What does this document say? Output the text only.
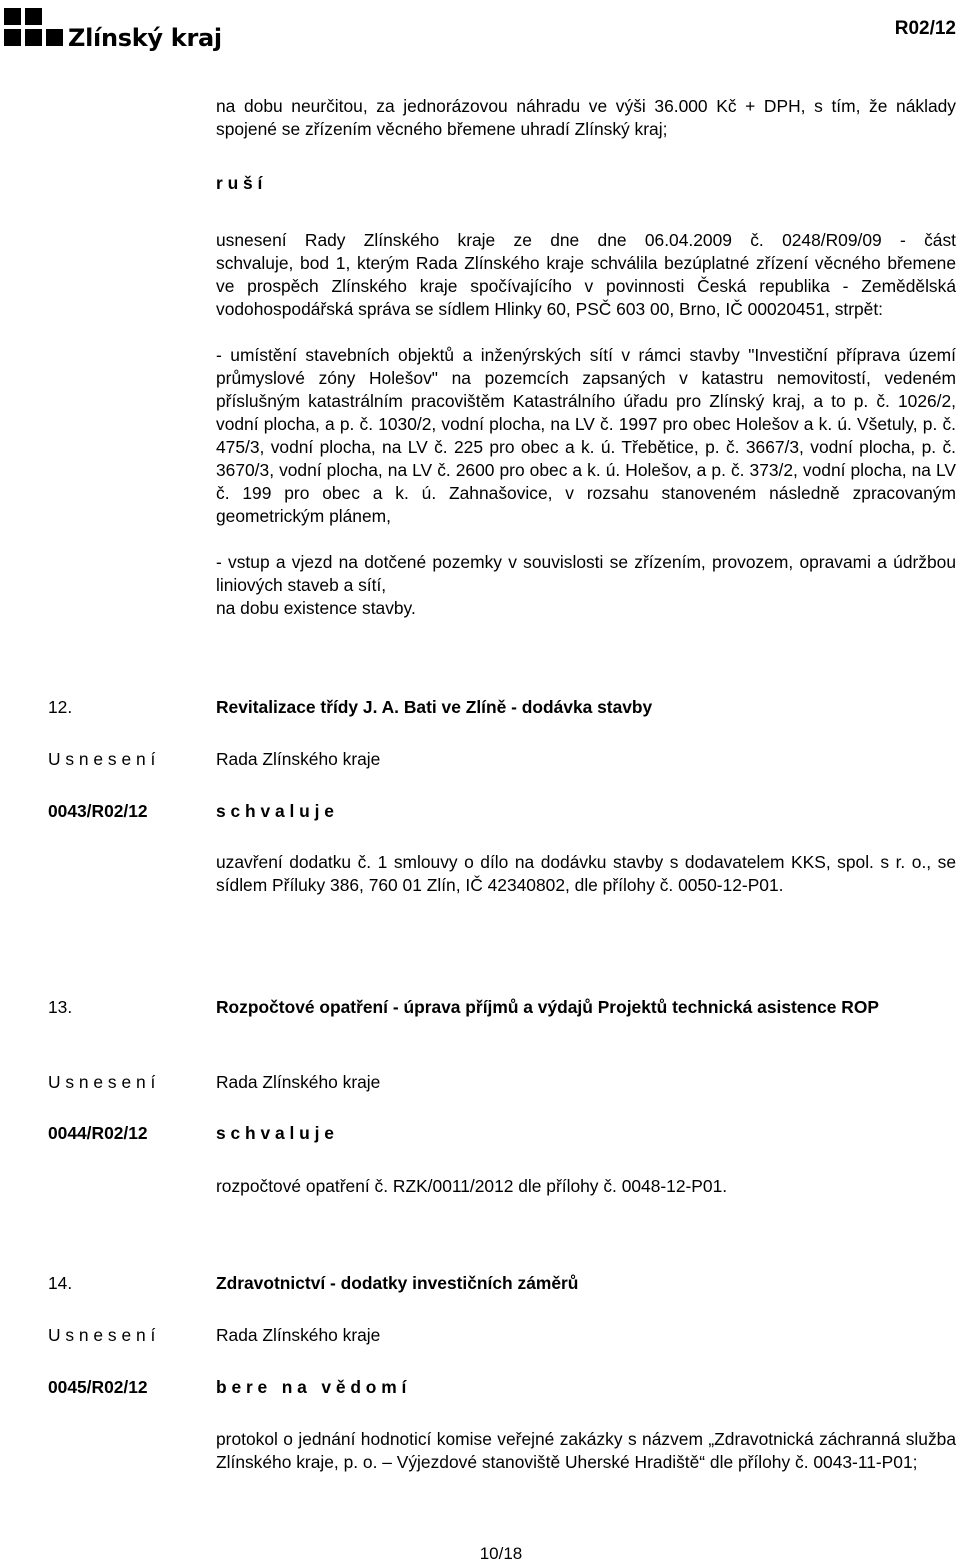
Zlínský kraj	R02/12
na dobu neurčitou, za jednorázovou náhradu ve výši 36.000 Kč + DPH, s tím, že náklady spojené se zřízením věcného břemene uhradí Zlínský kraj;
r u š í
usnesení Rady Zlínského kraje ze dne dne 06.04.2009 č. 0248/R09/09 - část
schvaluje, bod 1, kterým Rada Zlínského kraje schválila bezúplatné zřízení věcného břemene ve prospěch Zlínského kraje spočívajícího v povinnosti Česká republika - Zemědělská vodohospodářská správa se sídlem Hlinky 60, PSČ 603 00, Brno, IČ 00020451, strpět:
- umístění stavebních objektů a inženýrských sítí v rámci stavby "Investiční příprava území průmyslové zóny Holešov" na pozemcích zapsaných v katastru nemovitostí, vedeném příslušným katastrálním pracovištěm Katastrálního úřadu pro Zlínský kraj, a to p. č. 1026/2, vodní plocha, a p. č. 1030/2, vodní plocha, na LV č. 1997 pro obec Holešov a k. ú. Všetuly, p. č. 475/3, vodní plocha, na LV č. 225 pro obec a k. ú. Třebětice, p. č. 3667/3, vodní plocha, p. č. 3670/3, vodní plocha, na LV č. 2600 pro obec a k. ú. Holešov, a p. č. 373/2, vodní plocha, na LV č. 199 pro obec a k. ú. Zahnašovice, v rozsahu stanoveném následně zpracovaným geometrickým plánem,
- vstup a vjezd na dotčené pozemky v souvislosti se zřízením, provozem, opravami a údržbou liniových staveb a sítí,
na dobu existence stavby.
12.	Revitalizace třídy J. A. Bati ve Zlíně - dodávka stavby
U s n e s e n í	Rada Zlínského kraje
0043/R02/12	s c h v a l u j e
uzavření dodatku č. 1 smlouvy o dílo na dodávku stavby s dodavatelem KKS, spol. s r. o., se sídlem Příluky 386, 760 01 Zlín, IČ 42340802, dle přílohy č. 0050-12-P01.
13.	Rozpočtové opatření - úprava příjmů a výdajů Projektů technická asistence ROP
U s n e s e n í	Rada Zlínského kraje
0044/R02/12	s c h v a l u j e
rozpočtové opatření č. RZK/0011/2012 dle přílohy č. 0048-12-P01.
14.	Zdravotnictví - dodatky investičních záměrů
U s n e s e n í	Rada Zlínského kraje
0045/R02/12	b e r e   n a   v ě d o m í
protokol o jednání hodnoticí komise veřejné zakázky s názvem „Zdravotnická záchranná služba Zlínského kraje, p. o. – Výjezdové stanoviště Uherské Hradiště“ dle přílohy č. 0043-11-P01;
10/18
